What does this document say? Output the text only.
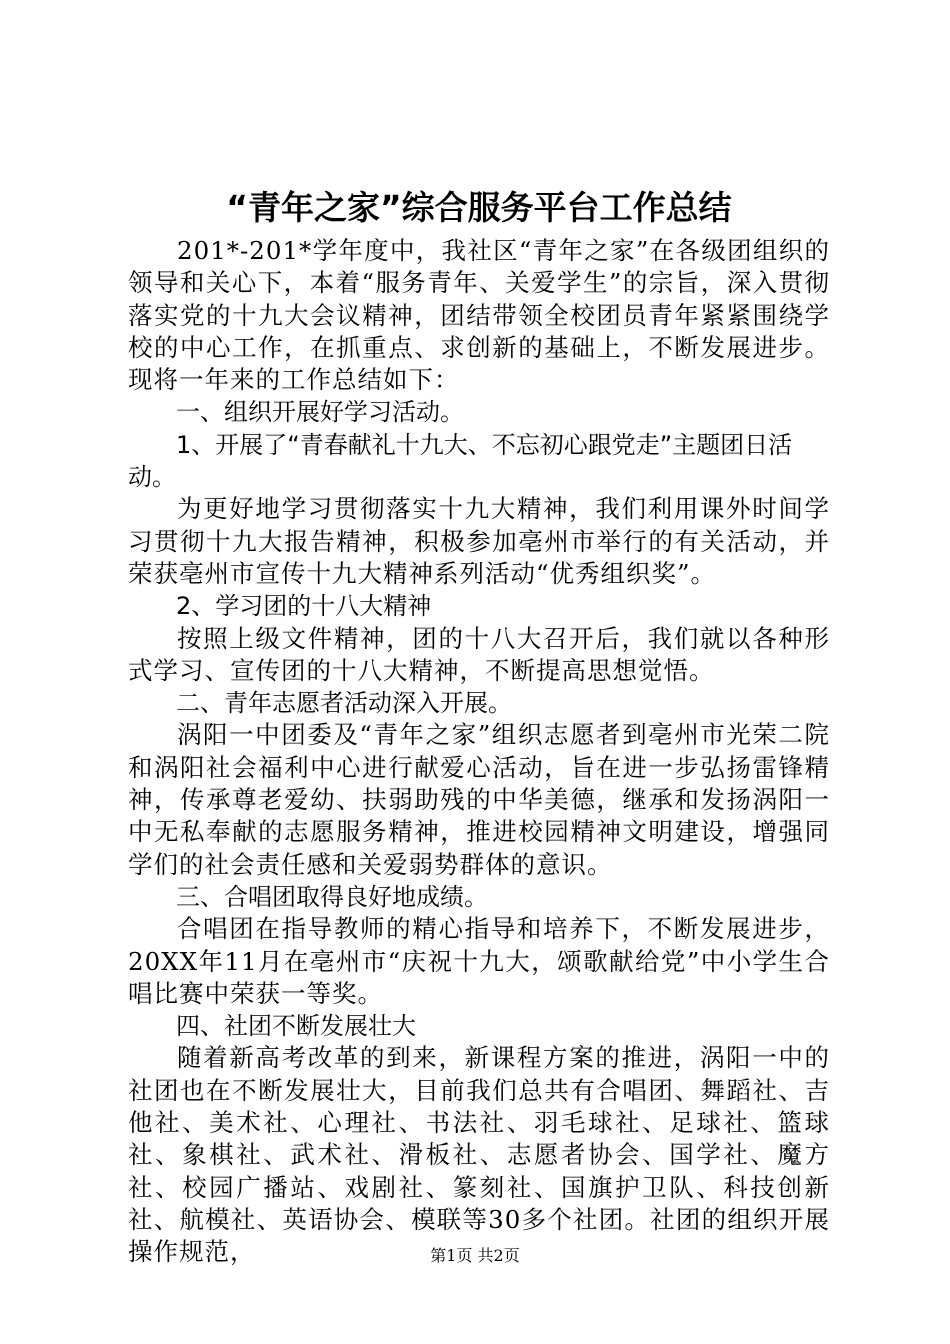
“青年之家”综合服务平台工作总结

201*-201*学年度中，我社区“青年之家”在各级团组织的领导和关心下，本着“服务青年、关爱学生”的宗旨，深入贯彻落实党的十九大会议精神，团结带领全校团员青年紧紧围绕学校的中心工作，在抓重点、求创新的基础上，不断发展进步。现将一年来的工作总结如下：

一、组织开展好学习活动。

1、开展了“青春献礼十九大、不忘初心跟党走”主题团日活动。

为更好地学习贯彻落实十九大精神，我们利用课外时间学习贯彻十九大报告精神，积极参加亳州市举行的有关活动，并荣获亳州市宣传十九大精神系列活动“优秀组织奖”。

2、学习团的十八大精神

按照上级文件精神，团的十八大召开后，我们就以各种形式学习、宣传团的十八大精神，不断提高思想觉悟。

二、青年志愿者活动深入开展。

涡阳一中团委及“青年之家”组织志愿者到亳州市光荣二院和涡阳社会福利中心进行献爱心活动，旨在进一步弘扬雷锋精神，传承尊老爱幼、扶弱助残的中华美德，继承和发扬涡阳一中无私奉献的志愿服务精神，推进校园精神文明建设，增强同学们的社会责任感和关爱弱势群体的意识。

三、合唱团取得良好地成绩。

合唱团在指导教师的精心指导和培养下，不断发展进步，20XX年11月在亳州市“庆祝十九大，颂歌献给党”中小学生合唱比赛中荣获一等奖。

四、社团不断发展壮大

随着新高考改革的到来，新课程方案的推进，涡阳一中的社团也在不断发展壮大，目前我们总共有合唱团、舞蹈社、吉他社、美术社、心理社、书法社、羽毛球社、足球社、篮球社、象棋社、武术社、滑板社、志愿者协会、国学社、魔方社、校园广播站、戏剧社、篆刻社、国旗护卫队、科技创新社、航模社、英语协会、模联等30多个社团。社团的组织开展操作规范，	第1页 共2页
